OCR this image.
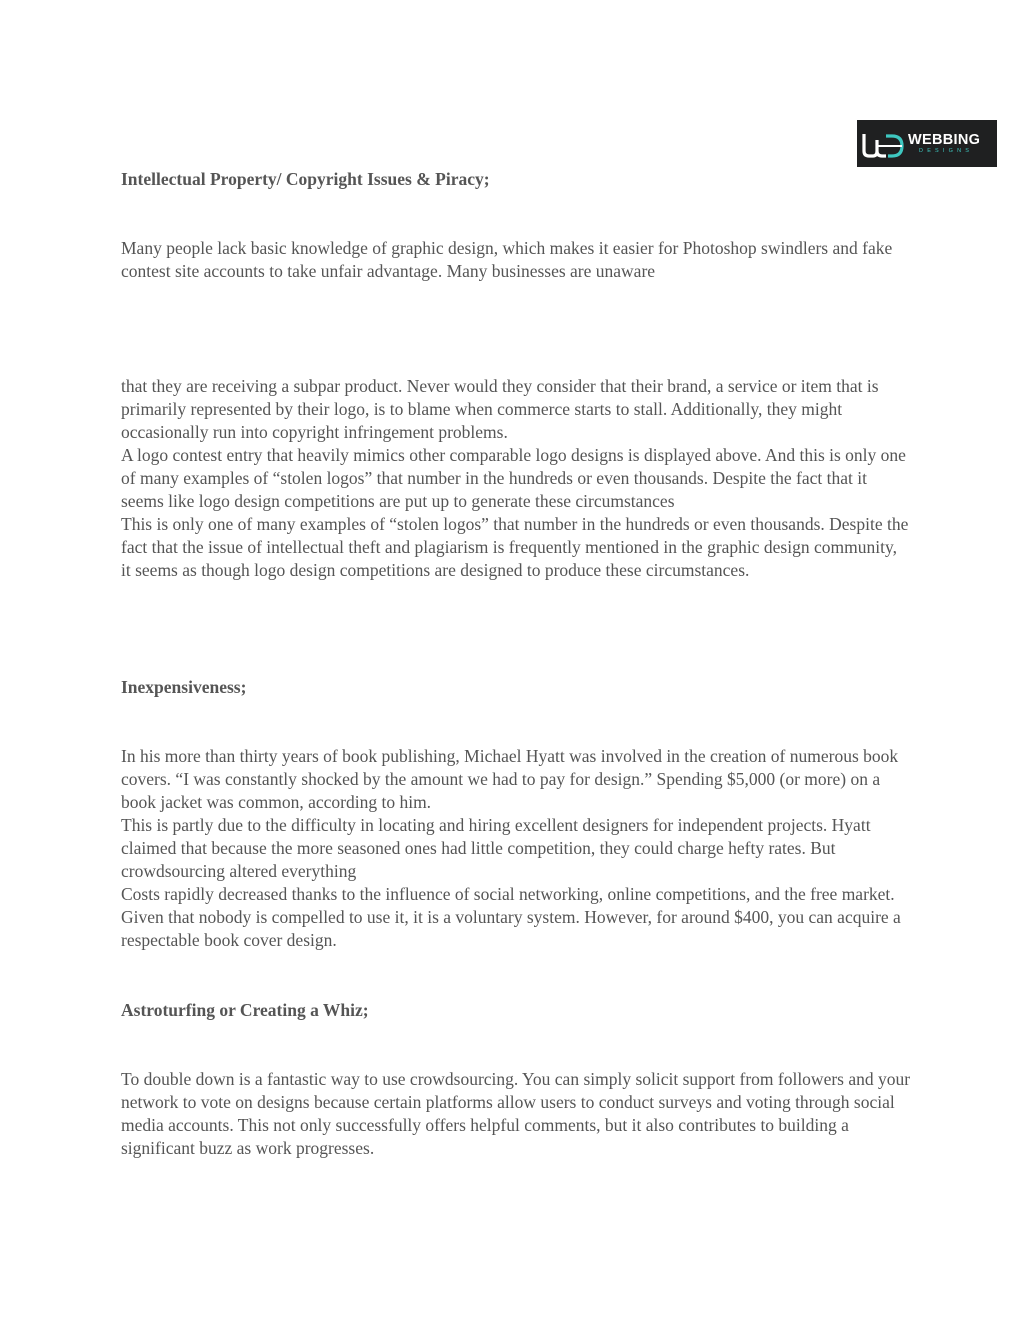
WEBBING
DESIGNS
Intellectual Property/ Copyright Issues & Piracy;

Many people lack basic knowledge of graphic design, which makes it easier for Photoshop swindlers and fake contest site accounts to take unfair advantage. Many businesses are unaware

that they are receiving a subpar product. Never would they consider that their brand, a service or item that is primarily represented by their logo, is to blame when commerce starts to stall. Additionally, they might occasionally run into copyright infringement problems.

A logo contest entry that heavily mimics other comparable logo designs is displayed above. And this is only one of many examples of “stolen logos” that number in the hundreds or even thousands. Despite the fact that it seems like logo design competitions are put up to generate these circumstances

This is only one of many examples of “stolen logos” that number in the hundreds or even thousands. Despite the fact that the issue of intellectual theft and plagiarism is frequently mentioned in the graphic design community, it seems as though logo design competitions are designed to produce these circumstances.

Inexpensiveness;

In his more than thirty years of book publishing, Michael Hyatt was involved in the creation of numerous book covers. “I was constantly shocked by the amount we had to pay for design.” Spending $5,000 (or more) on a book jacket was common, according to him.

This is partly due to the difficulty in locating and hiring excellent designers for independent projects. Hyatt claimed that because the more seasoned ones had little competition, they could charge hefty rates. But crowdsourcing altered everything

Costs rapidly decreased thanks to the influence of social networking, online competitions, and the free market. Given that nobody is compelled to use it, it is a voluntary system. However, for around $400, you can acquire a respectable book cover design.

Astroturfing or Creating a Whiz;

To double down is a fantastic way to use crowdsourcing. You can simply solicit support from followers and your network to vote on designs because certain platforms allow users to conduct surveys and voting through social media accounts. This not only successfully offers helpful comments, but it also contributes to building a significant buzz as work progresses.
